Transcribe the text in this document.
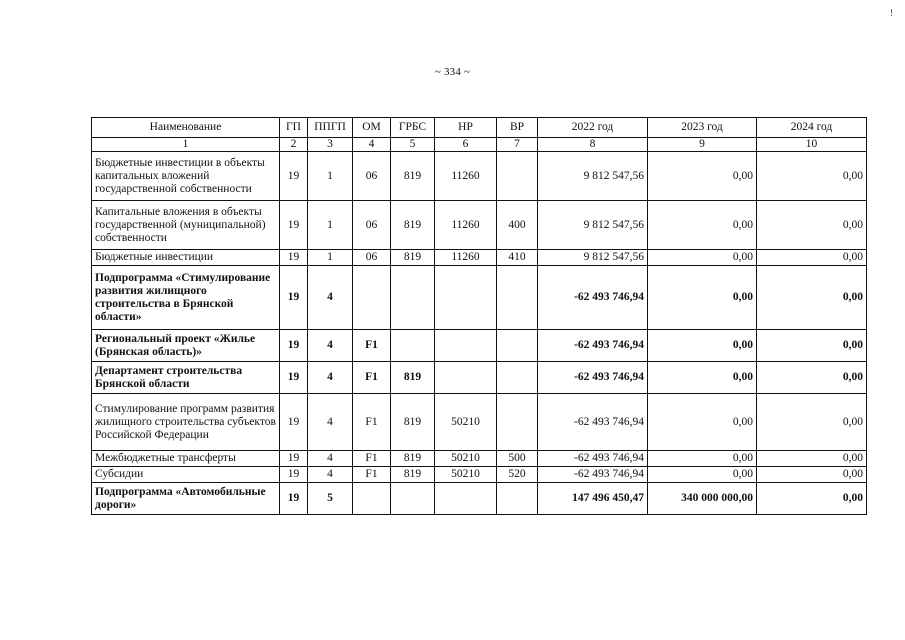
!
~ 334 ~
Наименование	ГП	ППГП	ОМ	ГРБС	НР	ВР	2022 год	2023 год	2024 год
1	2	3	4	5	6	7	8	9	10
Бюджетные инвестиции в объекты капитальных вложений государственной собственности	19	1	06	819	11260		9 812 547,56	0,00	0,00
Капитальные вложения в объекты государственной (муниципальной) собственности	19	1	06	819	11260	400	9 812 547,56	0,00	0,00
Бюджетные инвестиции	19	1	06	819	11260	410	9 812 547,56	0,00	0,00
Подпрограмма «Стимулирование развития жилищного строительства в Брянской области»	19	4					-62 493 746,94	0,00	0,00
Региональный проект «Жилье (Брянская область)»	19	4	F1				-62 493 746,94	0,00	0,00
Департамент строительства Брянской области	19	4	F1	819			-62 493 746,94	0,00	0,00
Стимулирование программ развития жилищного строительства субъектов Российской Федерации	19	4	F1	819	50210		-62 493 746,94	0,00	0,00
Межбюджетные трансферты	19	4	F1	819	50210	500	-62 493 746,94	0,00	0,00
Субсидии	19	4	F1	819	50210	520	-62 493 746,94	0,00	0,00
Подпрограмма «Автомобильные дороги»	19	5					147 496 450,47	340 000 000,00	0,00
